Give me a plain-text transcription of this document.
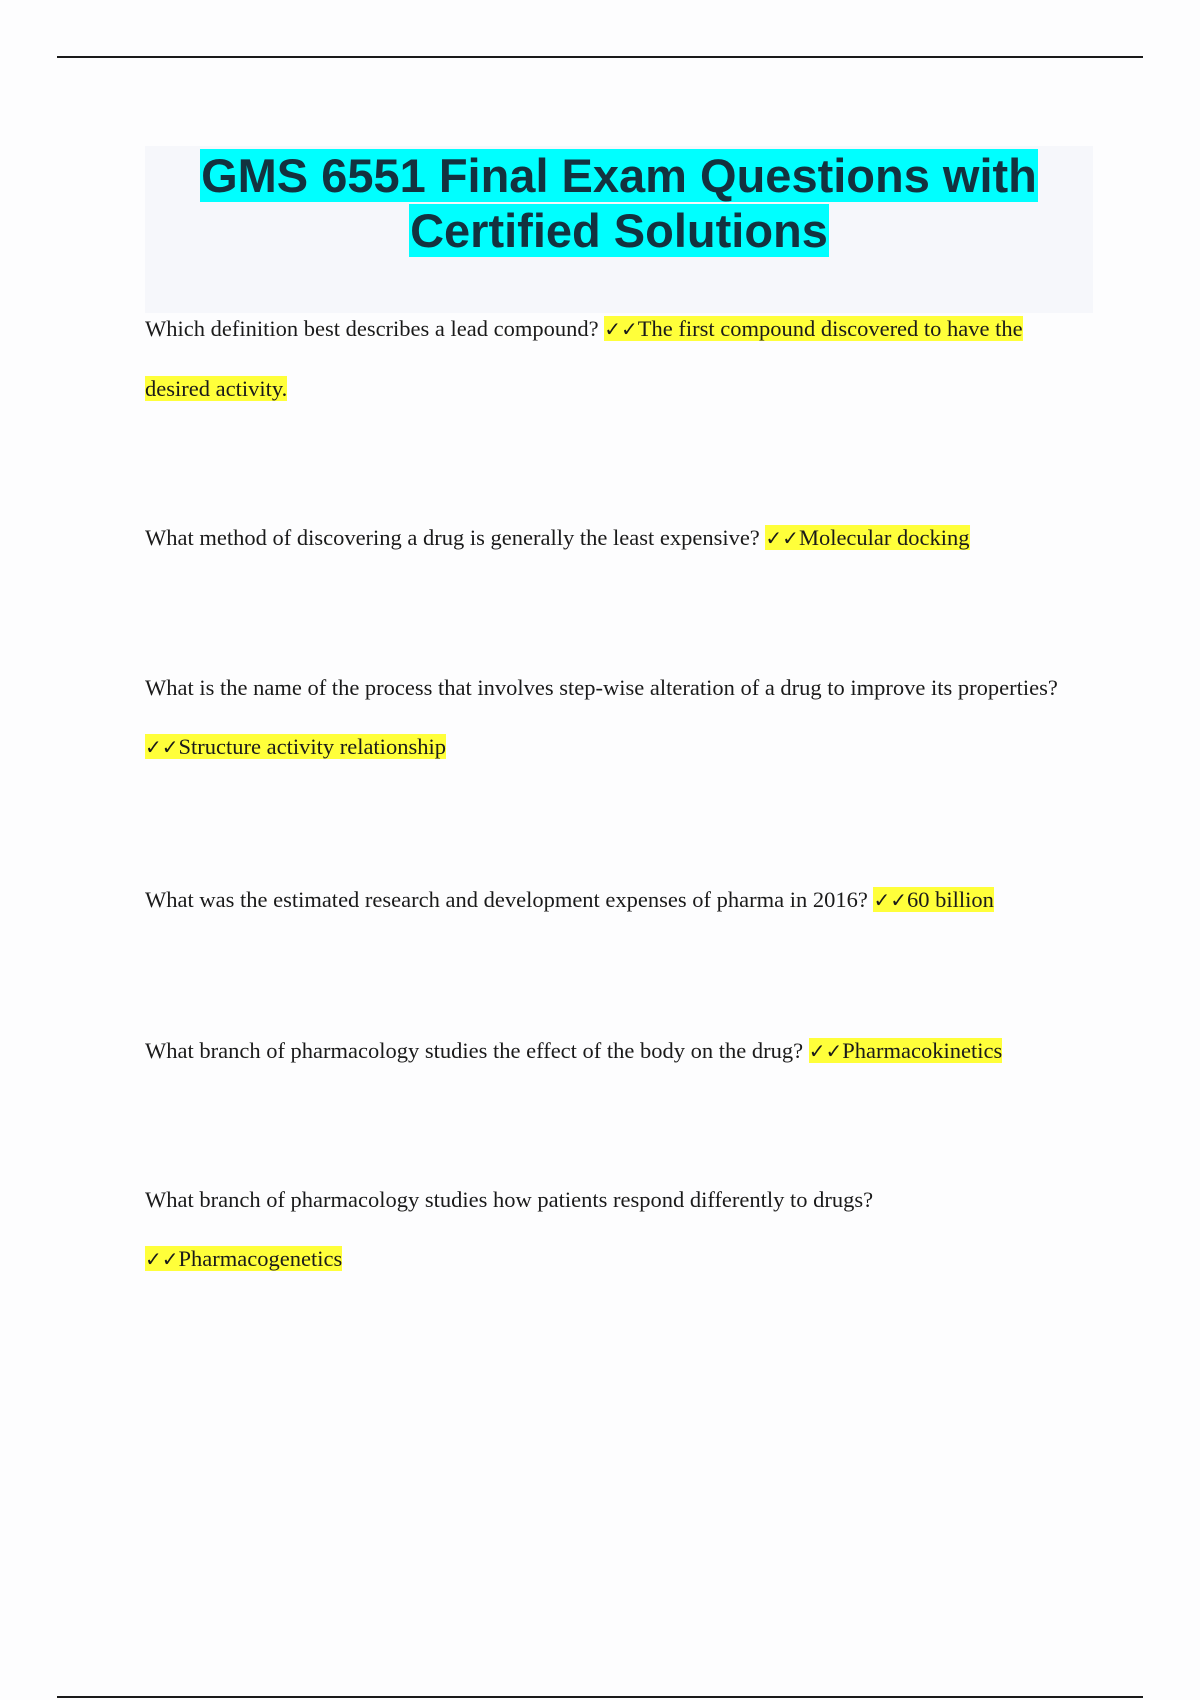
GMS 6551 Final Exam Questions with
Certified Solutions

Which definition best describes a lead compound? ✓✓The first compound discovered to have the desired activity.

What method of discovering a drug is generally the least expensive? ✓✓Molecular docking

What is the name of the process that involves step-wise alteration of a drug to improve its properties? ✓✓Structure activity relationship

What was the estimated research and development expenses of pharma in 2016? ✓✓60 billion

What branch of pharmacology studies the effect of the body on the drug? ✓✓Pharmacokinetics

What branch of pharmacology studies how patients respond differently to drugs? ✓✓Pharmacogenetics
